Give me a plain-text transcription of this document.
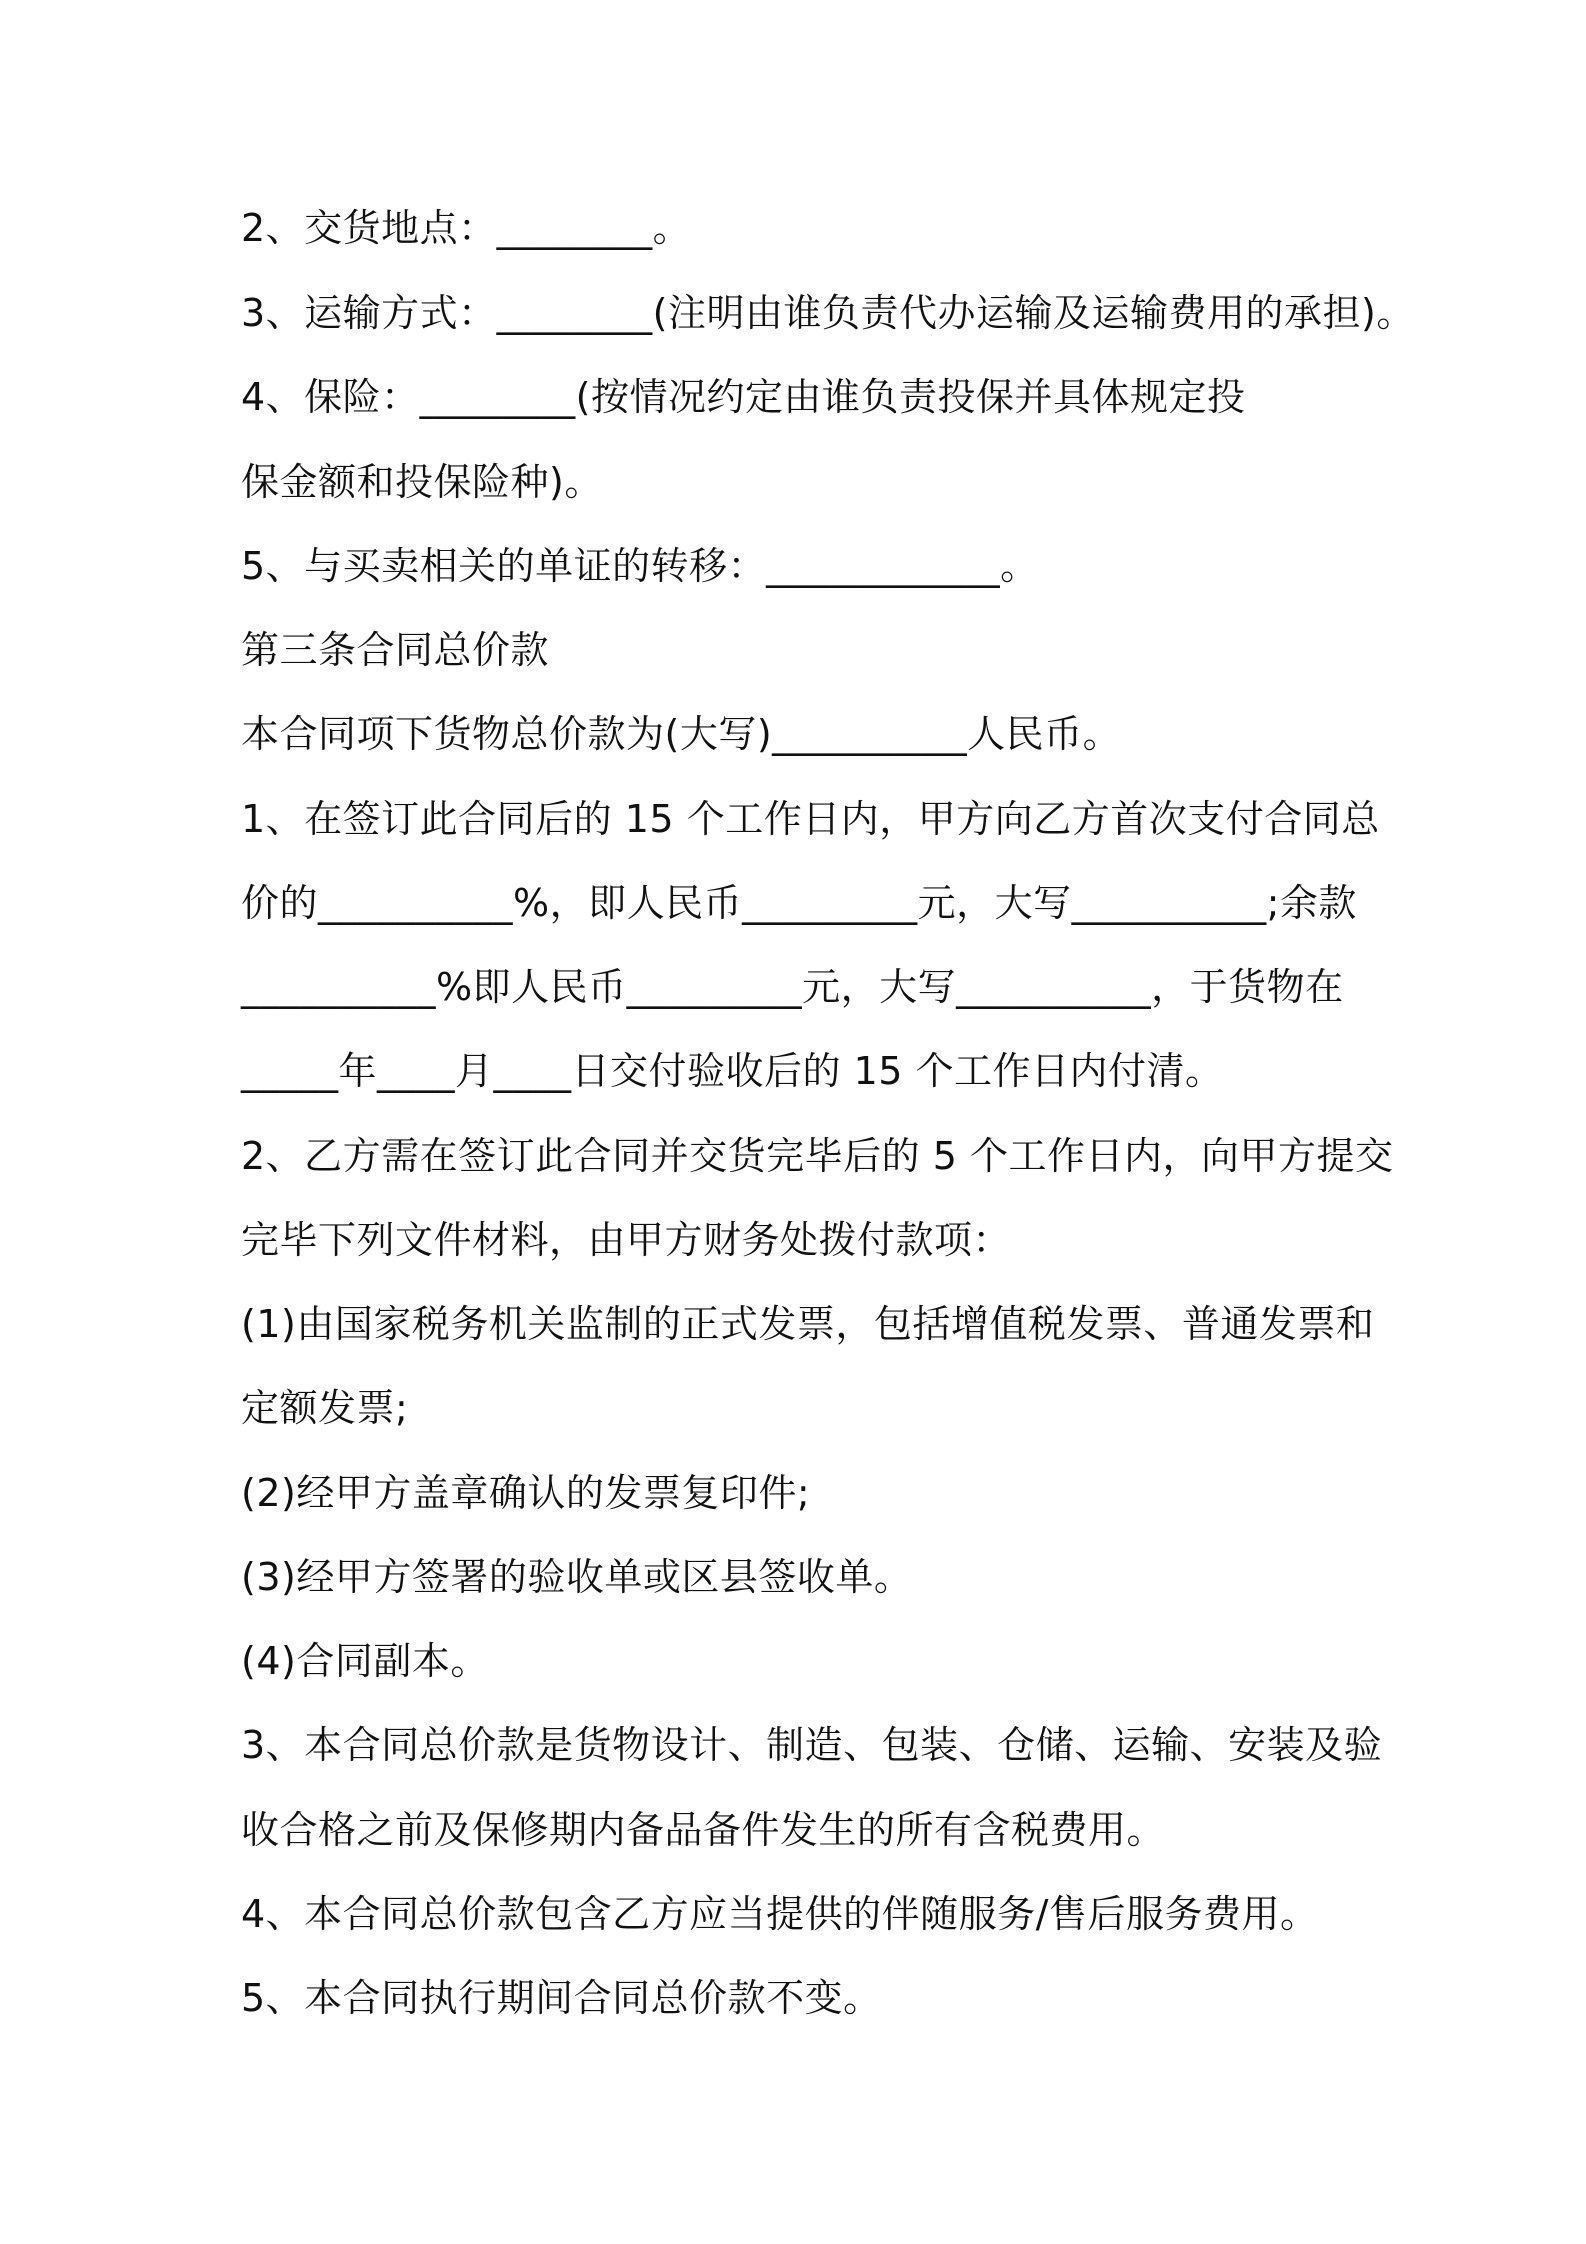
2、交货地点：________。

3、运输方式：________(注明由谁负责代办运输及运输费用的承担)。

4、保险：________(按情况约定由谁负责投保并具体规定投

保金额和投保险种)。

5、与买卖相关的单证的转移：____________。

第三条合同总价款

本合同项下货物总价款为(大写)__________人民币。

1、在签订此合同后的 15 个工作日内，甲方向乙方首次支付合同总

价的__________%，即人民币_________元，大写__________;余款

__________%即人民币_________元，大写__________，于货物在

_____年____月____日交付验收后的 15 个工作日内付清。

2、乙方需在签订此合同并交货完毕后的 5 个工作日内，向甲方提交

完毕下列文件材料，由甲方财务处拨付款项：

(1)由国家税务机关监制的正式发票，包括增值税发票、普通发票和

定额发票;

(2)经甲方盖章确认的发票复印件;

(3)经甲方签署的验收单或区县签收单。

(4)合同副本。

3、本合同总价款是货物设计、制造、包装、仓储、运输、安装及验

收合格之前及保修期内备品备件发生的所有含税费用。

4、本合同总价款包含乙方应当提供的伴随服务/售后服务费用。

5、本合同执行期间合同总价款不变。
